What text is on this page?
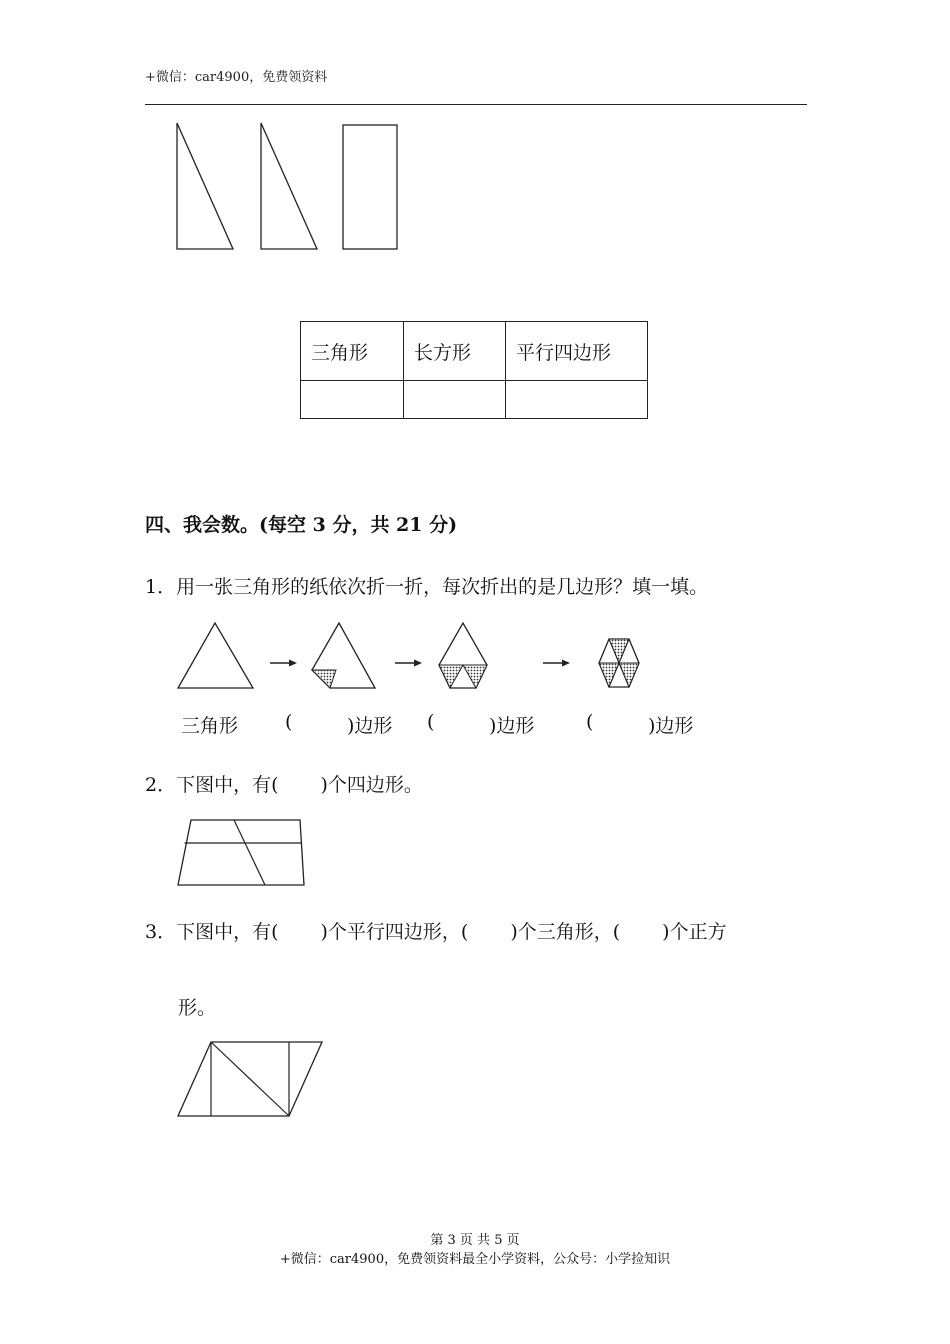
+微信：car4900，免费领资料
三角形	长方形	平行四边形

四、我会数。(每空 3 分，共 21 分)
1．用一张三角形的纸依次折一折，每次折出的是几边形？填一填。
三角形 (	)边形 (	)边形	(	)边形
2．下图中，有( )个四边形。
3．下图中，有( )个平行四边形，( )个三角形，( )个正方
形。
第 3 页 共 5 页
+微信：car4900，免费领资料最全小学资料，公众号：小学捡知识
